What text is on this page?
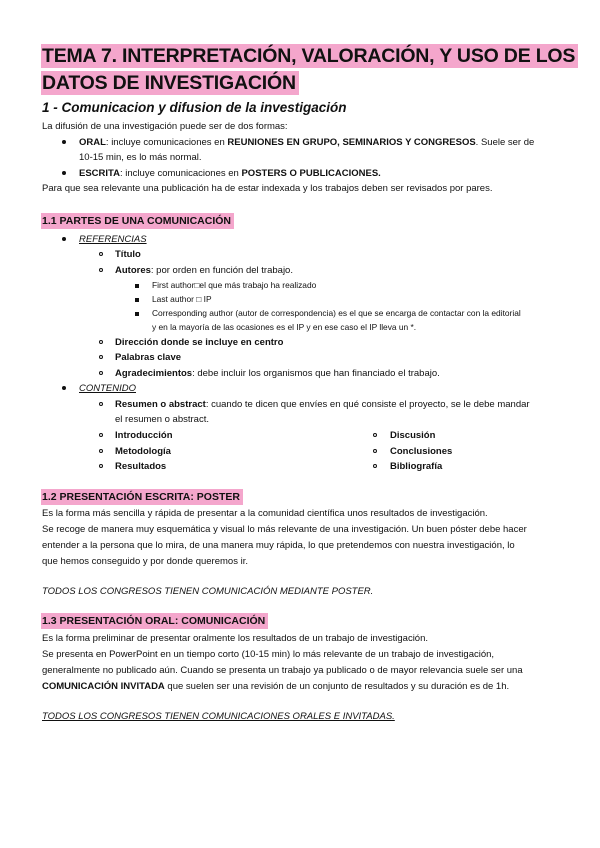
TEMA 7. INTERPRETACIÓN, VALORACIÓN, Y USO DE LOS
DATOS DE INVESTIGACIÓN
1 - Comunicacion y difusion de la investigación
La difusión de una investigación puede ser de dos formas:
ORAL: incluye comunicaciones en REUNIONES EN GRUPO, SEMINARIOS Y CONGRESOS. Suele ser de
10-15 min, es lo más normal.
ESCRITA: incluye comunicaciones en POSTERS O PUBLICACIONES.
Para que sea relevante una publicación ha de estar indexada y los trabajos deben ser revisados por pares.
1.1 PARTES DE UNA COMUNICACIÓN
REFERENCIAS
Título
Autores: por orden en función del trabajo.
First author□el que más trabajo ha realizado
Last author □ IP
Corresponding author (autor de correspondencia) es el que se encarga de contactar con la editorial
y en la mayoría de las ocasiones es el IP y en ese caso el IP lleva un *.
Dirección donde se incluye en centro
Palabras clave
Agradecimientos: debe incluir los organismos que han financiado el trabajo.
CONTENIDO
Resumen o abstract: cuando te dicen que envíes en qué consiste el proyecto, se le debe mandar
el resumen o abstract.
Introducción
Metodología
Resultados
Discusión
Conclusiones
Bibliografía
1.2 PRESENTACIÓN ESCRITA: POSTER
Es la forma más sencilla y rápida de presentar a la comunidad científica unos resultados de investigación.
Se recoge de manera muy esquemática y visual lo más relevante de una investigación. Un buen póster debe hacer
entender a la persona que lo mira, de una manera muy rápida, lo que pretendemos con nuestra investigación, lo
que hemos conseguido y por donde queremos ir.
TODOS LOS CONGRESOS TIENEN COMUNICACIÓN MEDIANTE POSTER.
1.3 PRESENTACIÓN ORAL: COMUNICACIÓN
Es la forma preliminar de presentar oralmente los resultados de un trabajo de investigación.
Se presenta en PowerPoint en un tiempo corto (10-15 min) lo más relevante de un trabajo de investigación,
generalmente no publicado aún. Cuando se presenta un trabajo ya publicado o de mayor relevancia suele ser una
COMUNICACIÓN INVITADA que suelen ser una revisión de un conjunto de resultados y su duración es de 1h.
TODOS LOS CONGRESOS TIENEN COMUNICACIONES ORALES E INVITADAS.
